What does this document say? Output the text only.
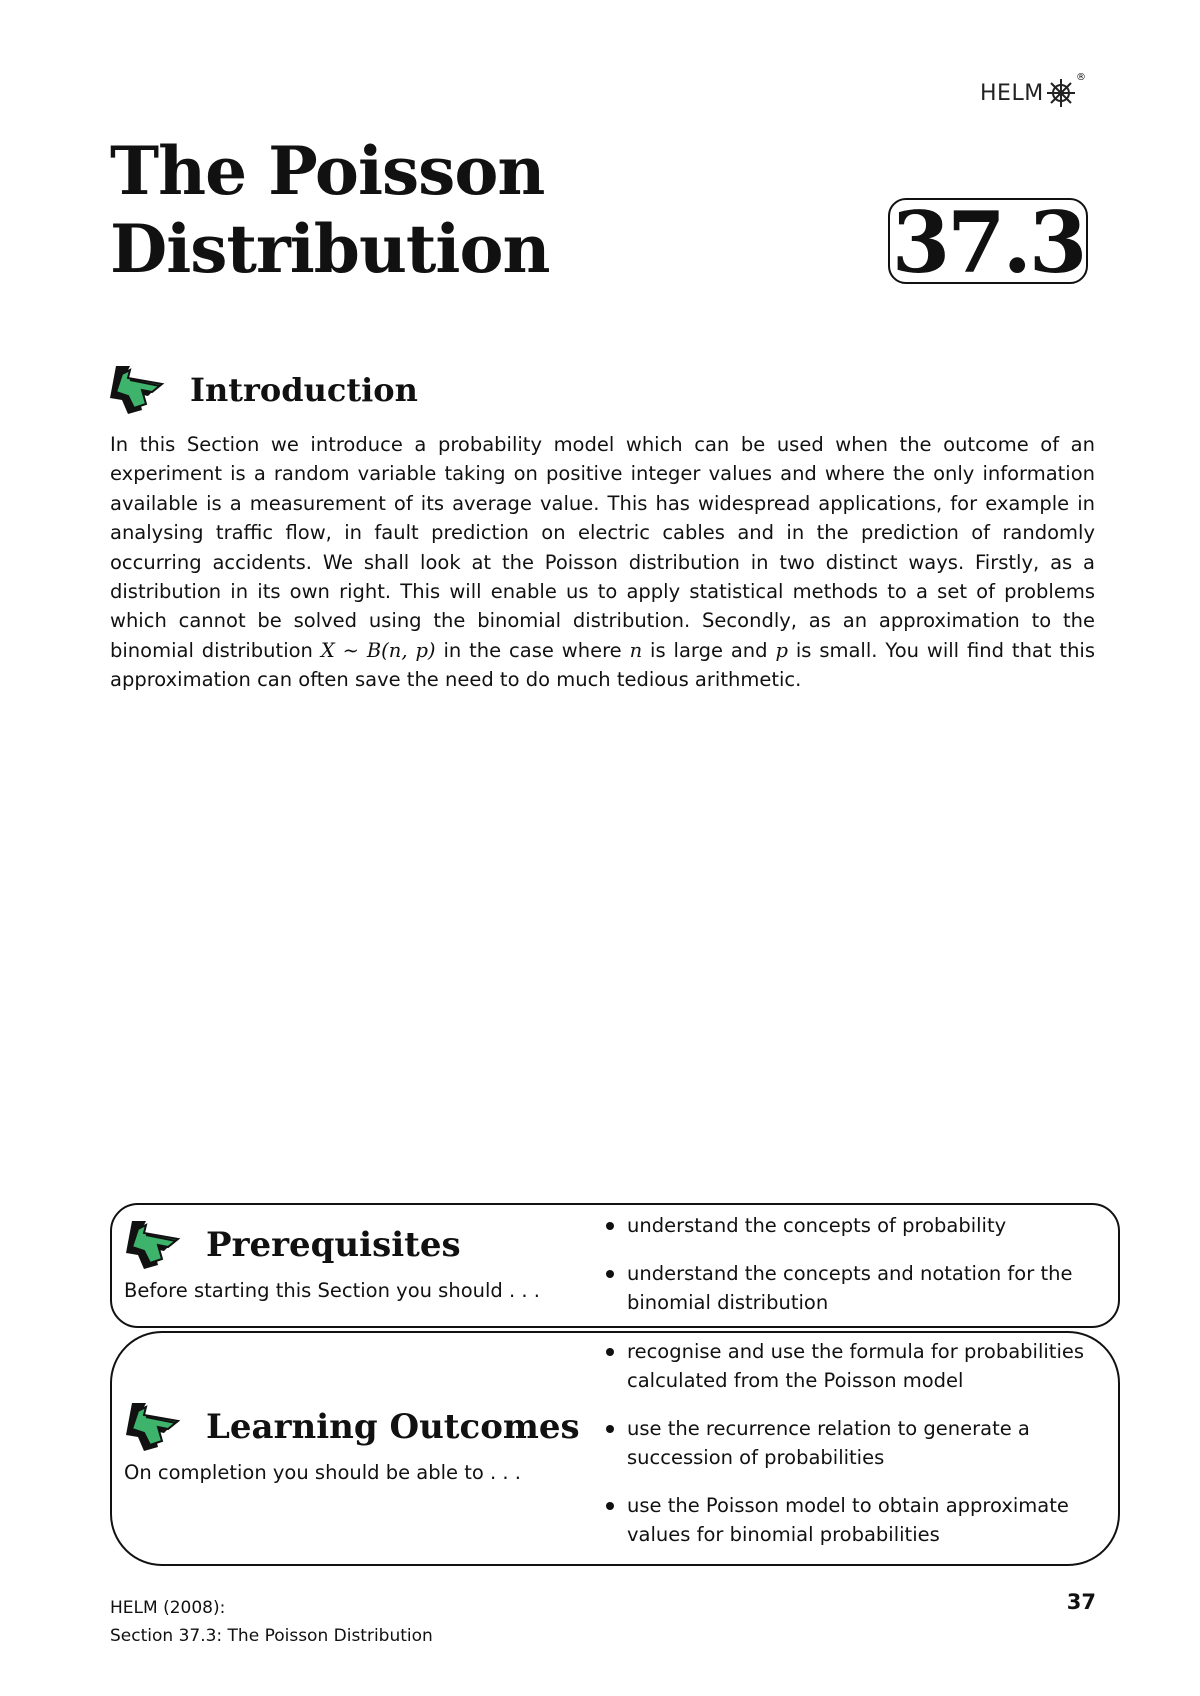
HELM
®
The Poisson
Distribution	37.3
Introduction

In this Section we introduce a probability model which can be used when the outcome of an experiment is a random variable taking on positive integer values and where the only information available is a measurement of its average value. This has widespread applications, for example in analysing traffic flow, in fault prediction on electric cables and in the prediction of randomly occurring accidents. We shall look at the Poisson distribution in two distinct ways. Firstly, as a distribution in its own right. This will enable us to apply statistical methods to a set of problems which cannot be solved using the binomial distribution. Secondly, as an approximation to the binomial distribution X ∼ B(n, p) in the case where n is large and p is small. You will find that this approximation can often save the need to do much tedious arithmetic.

Prerequisites

Before starting this Section you should . . .

understand the concepts of probability
understand the concepts and notation for the binomial distribution
Learning Outcomes

On completion you should be able to . . .

recognise and use the formula for probabilities calculated from the Poisson model
use the recurrence relation to generate a succession of probabilities
use the Poisson model to obtain approximate values for binomial probabilities
HELM (2008):
Section 37.3: The Poisson Distribution
37
